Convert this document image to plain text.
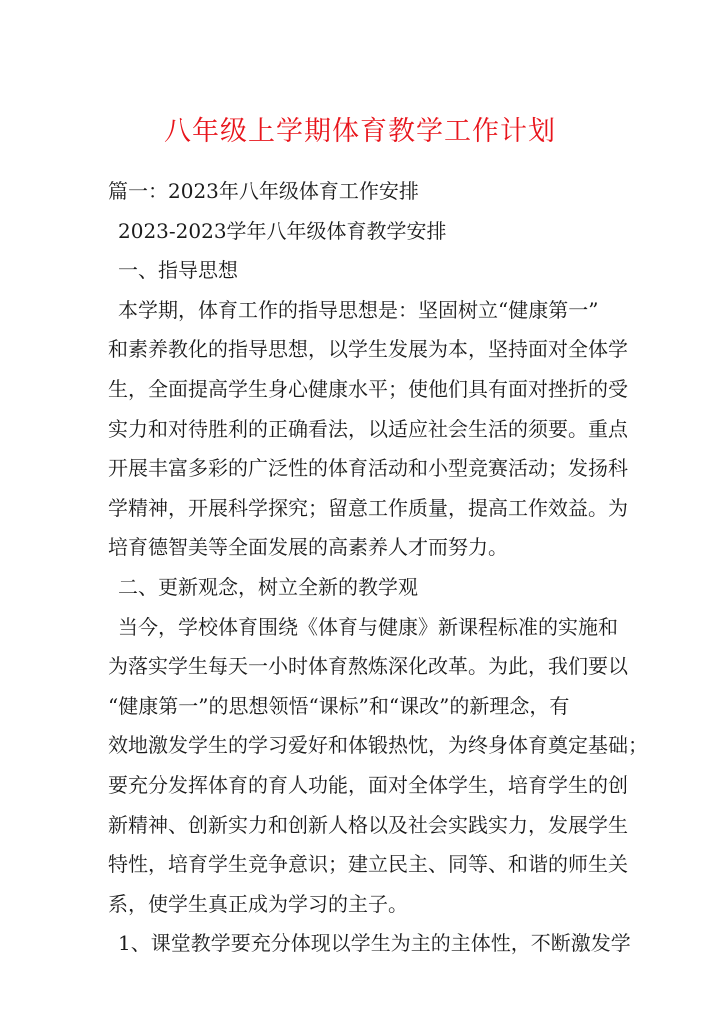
八年级上学期体育教学工作计划
篇一：2023年八年级体育工作安排
2023-2023学年八年级体育教学安排
一、指导思想
本学期，体育工作的指导思想是：坚固树立“健康第一”
和素养教化的指导思想，以学生发展为本，坚持面对全体学
生，全面提高学生身心健康水平；使他们具有面对挫折的受
实力和对待胜利的正确看法，以适应社会生活的须要。重点
开展丰富多彩的广泛性的体育活动和小型竞赛活动；发扬科
学精神，开展科学探究；留意工作质量，提高工作效益。为
培育德智美等全面发展的高素养人才而努力。
二、更新观念，树立全新的教学观
当今，学校体育围绕《体育与健康》新课程标准的实施和
为落实学生每天一小时体育熬炼深化改革。为此，我们要以
“健康第一”的思想领悟“课标”和“课改”的新理念，有
效地激发学生的学习爱好和体锻热忱，为终身体育奠定基础；
要充分发挥体育的育人功能，面对全体学生，培育学生的创
新精神、创新实力和创新人格以及社会实践实力，发展学生
特性，培育学生竞争意识；建立民主、同等、和谐的师生关
系，使学生真正成为学习的主子。
1、课堂教学要充分体现以学生为主的主体性，不断激发学
